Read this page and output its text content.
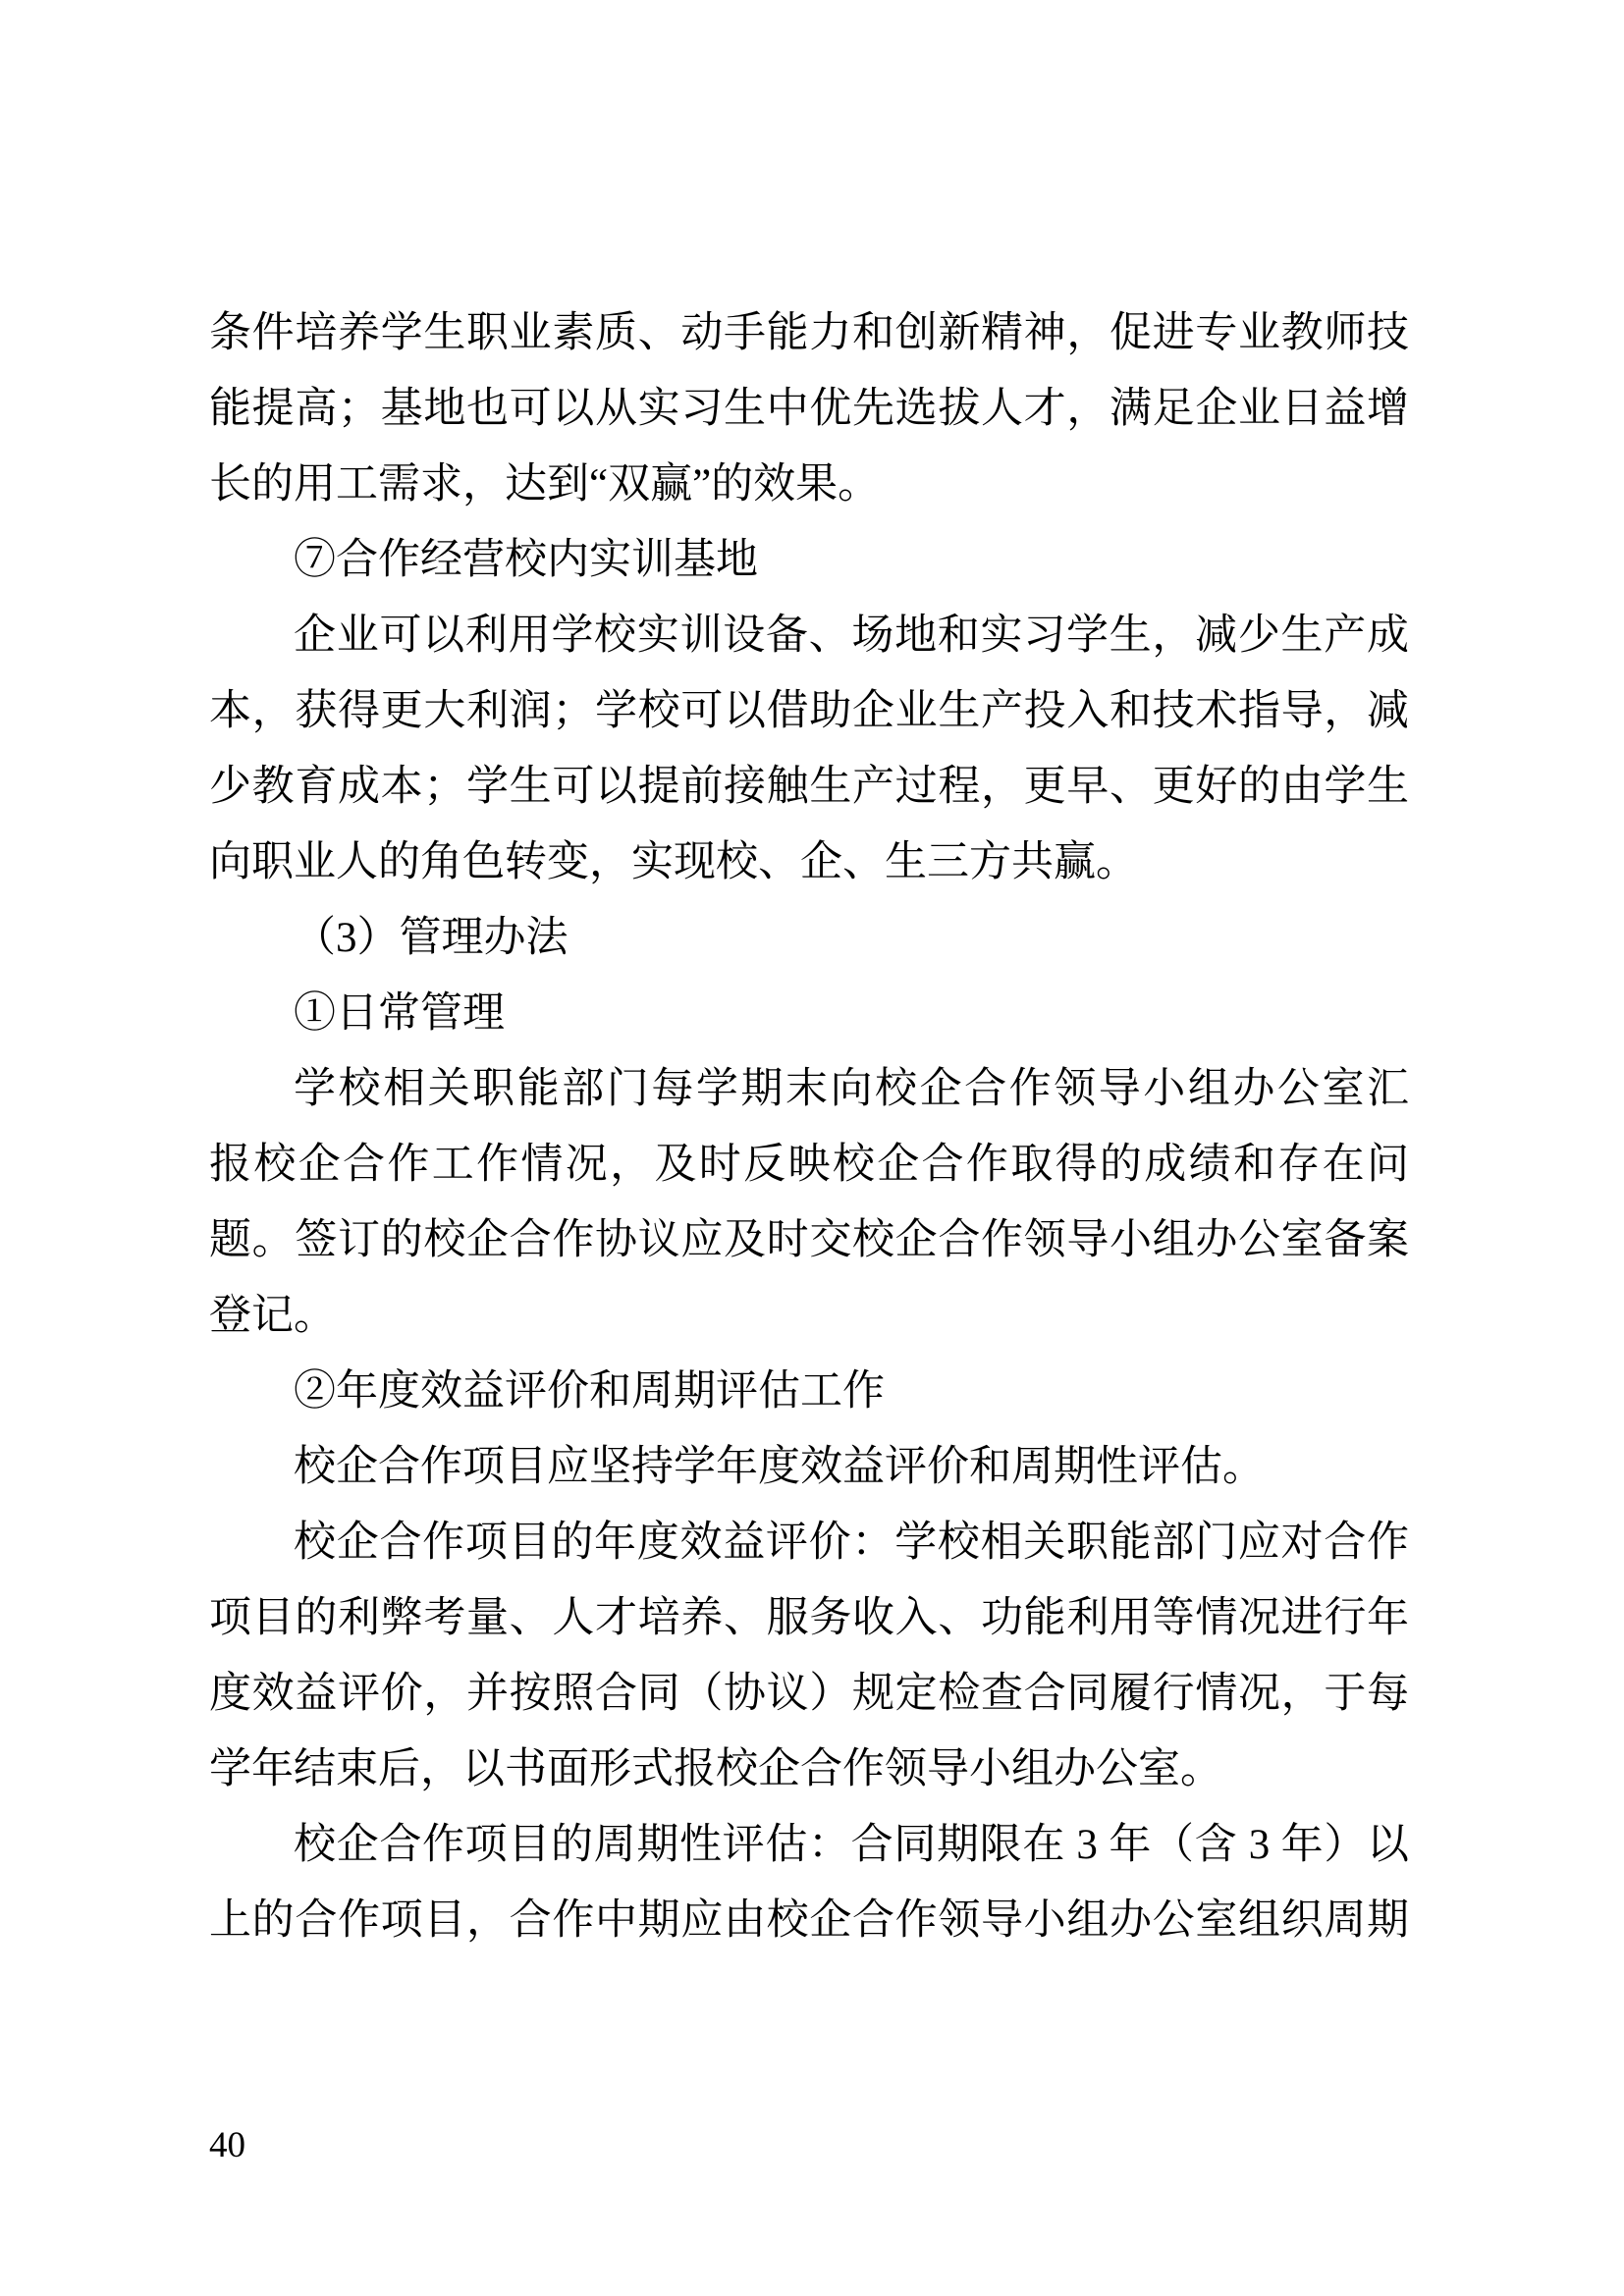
条件培养学生职业素质、动手能力和创新精神，促进专业教师技
能提高；基地也可以从实习生中优先选拔人才，满足企业日益增
长的用工需求，达到“双赢”的效果。
⑦合作经营校内实训基地
企业可以利用学校实训设备、场地和实习学生，减少生产成
本，获得更大利润；学校可以借助企业生产投入和技术指导，减
少教育成本；学生可以提前接触生产过程，更早、更好的由学生
向职业人的角色转变，实现校、企、生三方共赢。
（3）管理办法
①日常管理
学校相关职能部门每学期末向校企合作领导小组办公室汇
报校企合作工作情况，及时反映校企合作取得的成绩和存在问
题。签订的校企合作协议应及时交校企合作领导小组办公室备案
登记。
②年度效益评价和周期评估工作
校企合作项目应坚持学年度效益评价和周期性评估。
校企合作项目的年度效益评价：学校相关职能部门应对合作
项目的利弊考量、人才培养、服务收入、功能利用等情况进行年
度效益评价，并按照合同（协议）规定检查合同履行情况，于每
学年结束后，以书面形式报校企合作领导小组办公室。
校企合作项目的周期性评估：合同期限在 3 年（含 3 年）以
上的合作项目，合作中期应由校企合作领导小组办公室组织周期
40
